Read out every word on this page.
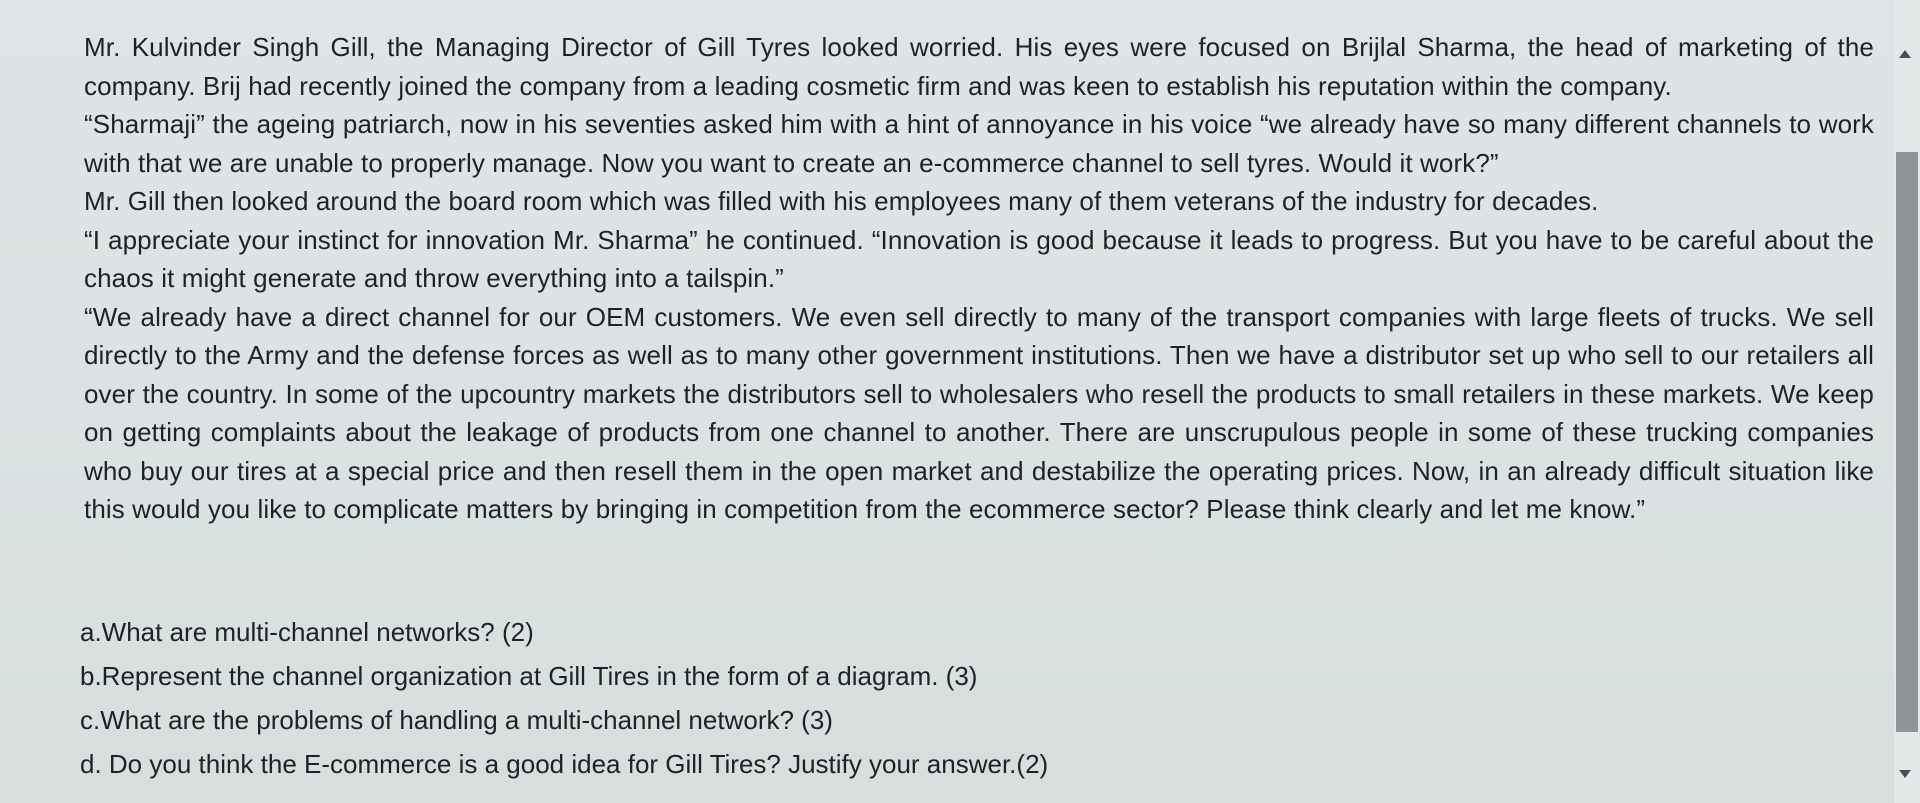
Mr. Kulvinder Singh Gill, the Managing Director of Gill Tyres looked worried. His eyes were focused on Brijlal Sharma, the head of marketing of the company. Brij had recently joined the company from a leading cosmetic firm and was keen to establish his reputation within the company.

“Sharmaji” the ageing patriarch, now in his seventies asked him with a hint of annoyance in his voice “we already have so many different channels to work with that we are unable to properly manage. Now you want to create an e-commerce channel to sell tyres. Would it work?”

Mr. Gill then looked around the board room which was filled with his employees many of them veterans of the industry for decades.

“I appreciate your instinct for innovation Mr. Sharma” he continued. “Innovation is good because it leads to progress. But you have to be careful about the chaos it might generate and throw everything into a tailspin.”

“We already have a direct channel for our OEM customers. We even sell directly to many of the transport companies with large fleets of trucks. We sell directly to the Army and the defense forces as well as to many other government institutions. Then we have a distributor set up who sell to our retailers all over the country. In some of the upcountry markets the distributors sell to wholesalers who resell the products to small retailers in these markets. We keep on getting complaints about the leakage of products from one channel to another. There are unscrupulous people in some of these trucking companies who buy our tires at a special price and then resell them in the open market and destabilize the operating prices. Now, in an already difficult situation like this would you like to complicate matters by bringing in competition from the ecommerce sector? Please think clearly and let me know.”

a.What are multi-channel networks? (2)

b.Represent the channel organization at Gill Tires in the form of a diagram. (3)

c.What are the problems of handling a multi-channel network? (3)

d. Do you think the E-commerce is a good idea for Gill Tires? Justify your answer.(2)
